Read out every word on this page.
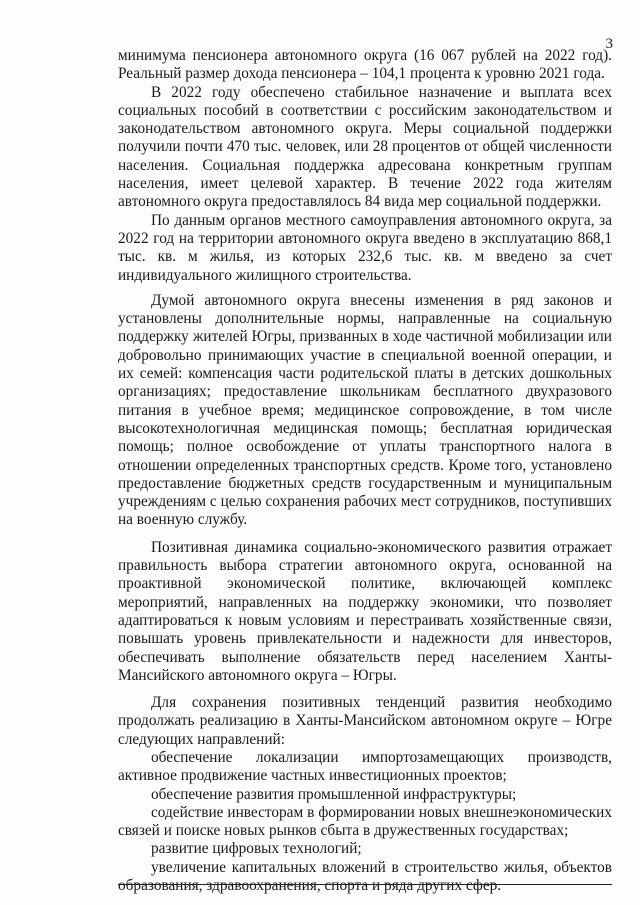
3

минимума пенсионера автономного округа (16 067 рублей на 2022 год). Реальный размер дохода пенсионера – 104,1 процента к уровню 2021 года.

В 2022 году обеспечено стабильное назначение и выплата всех социальных пособий в соответствии с российским законодательством и законодательством автономного округа. Меры социальной поддержки получили почти 470 тыс. человек, или 28 процентов от общей численности населения. Социальная поддержка адресована конкретным группам населения, имеет целевой характер. В течение 2022 года жителям автономного округа предоставлялось 84 вида мер социальной поддержки.

По данным органов местного самоуправления автономного округа, за 2022 год на территории автономного округа введено в эксплуатацию 868,1 тыс. кв. м жилья, из которых 232,6 тыс. кв. м введено за счет индивидуального жилищного строительства.

Думой автономного округа внесены изменения в ряд законов и установлены дополнительные нормы, направленные на социальную поддержку жителей Югры, призванных в ходе частичной мобилизации или добровольно принимающих участие в специальной военной операции, и их семей: компенсация части родительской платы в детских дошкольных организациях; предоставление школьникам бесплатного двухразового питания в учебное время; медицинское сопровождение, в том числе высокотехнологичная медицинская помощь; бесплатная юридическая помощь; полное освобождение от уплаты транспортного налога в отношении определенных транспортных средств. Кроме того, установлено предоставление бюджетных средств государственным и муниципальным учреждениям с целью сохранения рабочих мест сотрудников, поступивших на военную службу.

Позитивная динамика социально-экономического развития отражает правильность выбора стратегии автономного округа, основанной на проактивной экономической политике, включающей комплекс мероприятий, направленных на поддержку экономики, что позволяет адаптироваться к новым условиям и перестраивать хозяйственные связи, повышать уровень привлекательности и надежности для инвесторов, обеспечивать выполнение обязательств перед населением Ханты-Мансийского автономного округа – Югры.

Для сохранения позитивных тенденций развития необходимо продолжать реализацию в Ханты-Мансийском автономном округе – Югре следующих направлений:

обеспечение локализации импортозамещающих производств, активное продвижение частных инвестиционных проектов;

обеспечение развития промышленной инфраструктуры;

содействие инвесторам в формировании новых внешнеэкономических связей и поиске новых рынков сбыта в дружественных государствах;

развитие цифровых технологий;

увеличение капитальных вложений в строительство жилья, объектов образования, здравоохранения, спорта и ряда других сфер.
